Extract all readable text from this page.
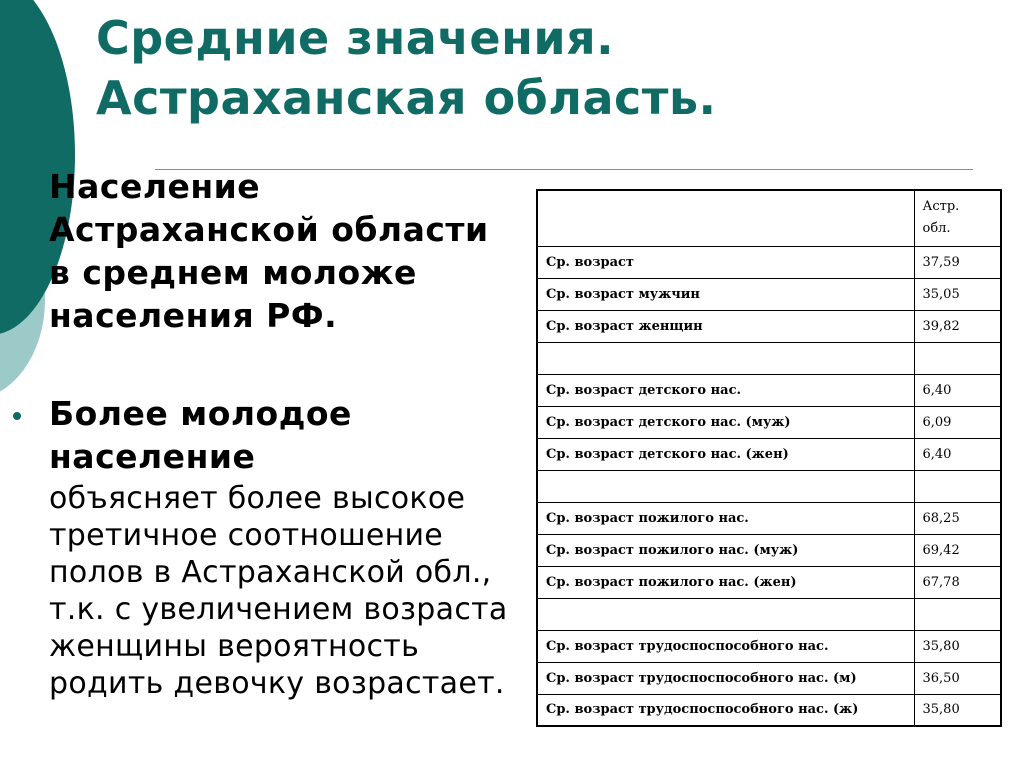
Средние значения.
Астраханская область.

Население Астраханской области в среднем моложе населения РФ.

Более молодое население

объясняет более высокое третичное соотношение полов в Астраханской обл., т.к. с увеличением возраста женщины вероятность родить девочку возрастает.

	Астр.
обл.

Ср. возраст	37,59
Ср. возраст мужчин	35,05
Ср. возраст женщин	39,82

Ср. возраст детского нас.	6,40
Ср. возраст детского нас. (муж)	6,09
Ср. возраст детского нас. (жен)	6,40

Ср. возраст пожилого нас.	68,25
Ср. возраст пожилого нас. (муж)	69,42
Ср. возраст пожилого нас. (жен)	67,78

Ср. возраст трудоспоспособного нас.	35,80
Ср. возраст трудоспоспособного нас. (м)	36,50
Ср. возраст трудоспоспособного нас. (ж)	35,80
